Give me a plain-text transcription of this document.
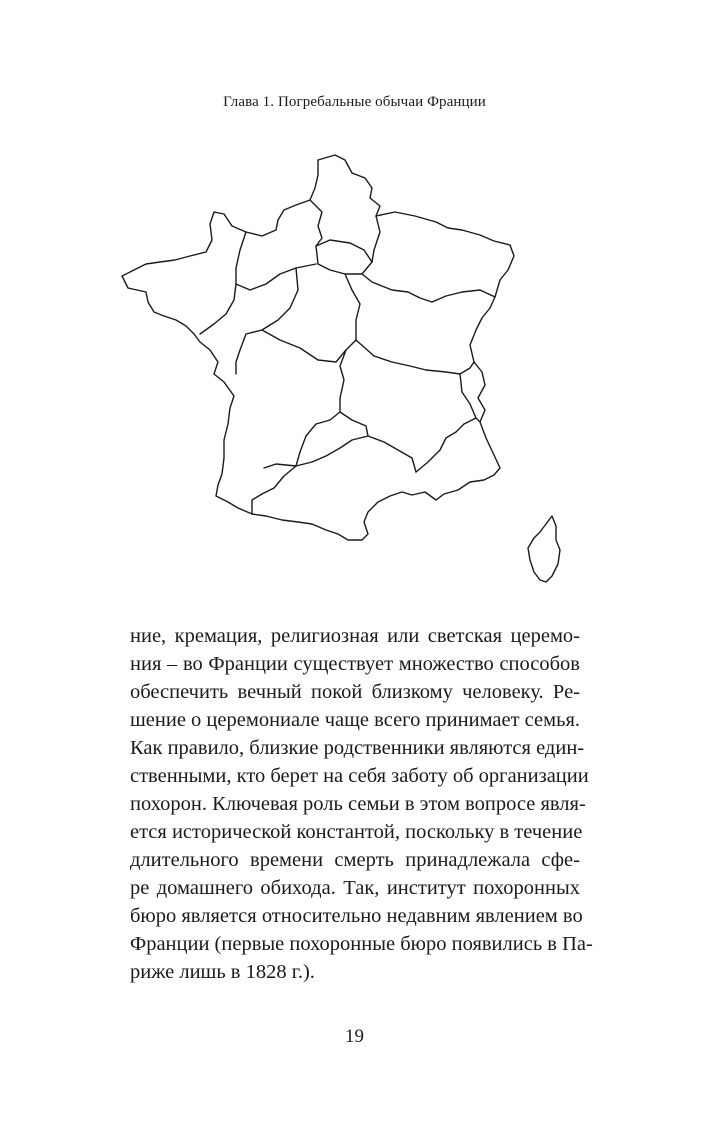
Глава 1. Погребальные обычаи Франции
ние, кремация, религиозная или светская церемо-
ния – во Франции существует множество способов
обеспечить вечный покой близкому человеку. Ре-
шение о церемониале чаще всего принимает семья.
Как правило, близкие родственники являются един-
ственными, кто берет на себя заботу об организации
похорон. Ключевая роль семьи в этом вопросе явля-
ется исторической константой, поскольку в течение
длительного времени смерть принадлежала сфе-
ре домашнего обихода. Так, институт похоронных
бюро является относительно недавним явлением во
Франции (первые похоронные бюро появились в Па-
риже лишь в 1828 г.).
19
